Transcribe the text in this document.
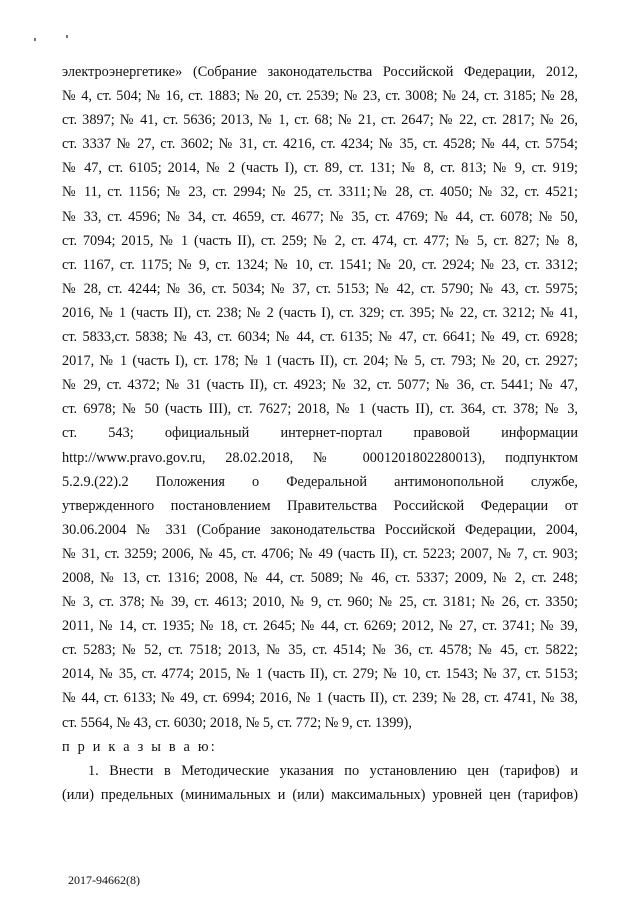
электроэнергетике» (Собрание законодательства Российской Федерации, 2012,
№ 4, ст. 504; № 16, ст. 1883; № 20, ст. 2539; № 23, ст. 3008; № 24, ст. 3185; № 28,
ст. 3897; № 41, ст. 5636; 2013, № 1, ст. 68; № 21, ст. 2647; № 22, ст. 2817; № 26,
ст. 3337 № 27, ст. 3602; № 31, ст. 4216, ст. 4234; № 35, ст. 4528; № 44, ст. 5754;
№ 47, ст. 6105; 2014, № 2 (часть I), ст. 89, ст. 131; № 8, ст. 813; № 9, ст. 919;
№ 11, ст. 1156; № 23, ст. 2994; № 25, ст. 3311;№ 28, ст. 4050; № 32, ст. 4521;
№ 33, ст. 4596; № 34, ст. 4659, ст. 4677; № 35, ст. 4769; № 44, ст. 6078; № 50,
ст. 7094; 2015, № 1 (часть II), ст. 259; № 2, ст. 474, ст. 477; № 5, ст. 827; № 8,
ст. 1167, ст. 1175; № 9, ст. 1324; № 10, ст. 1541; № 20, ст. 2924; № 23, ст. 3312;
№ 28, ст. 4244; № 36, ст. 5034; № 37, ст. 5153; № 42, ст. 5790; № 43, ст. 5975;
2016, № 1 (часть II), ст. 238; № 2 (часть I), ст. 329; ст. 395; № 22, ст. 3212; № 41,
ст. 5833,ст. 5838; № 43, ст. 6034; № 44, ст. 6135; № 47, ст. 6641; № 49, ст. 6928;
2017, № 1 (часть I), ст. 178; № 1 (часть II), ст. 204; № 5, ст. 793; № 20, ст. 2927;
№ 29, ст. 4372; № 31 (часть II), ст. 4923; № 32, ст. 5077; № 36, ст. 5441; № 47,
ст. 6978; № 50 (часть III), ст. 7627; 2018, № 1 (часть II), ст. 364, ст. 378; № 3,
ст. 543; официальный интернет-портал правовой информации
http://www.pravo.gov.ru, 28.02.2018, № 0001201802280013), подпунктом
5.2.9.(22).2 Положения о Федеральной антимонопольной службе,
утвержденного постановлением Правительства Российской Федерации от
30.06.2004 № 331 (Собрание законодательства Российской Федерации, 2004,
№ 31, ст. 3259; 2006, № 45, ст. 4706; № 49 (часть II), ст. 5223; 2007, № 7, ст. 903;
2008, № 13, ст. 1316; 2008, № 44, ст. 5089; № 46, ст. 5337; 2009, № 2, ст. 248;
№ 3, ст. 378; № 39, ст. 4613; 2010, № 9, ст. 960; № 25, ст. 3181; № 26, ст. 3350;
2011, № 14, ст. 1935; № 18, ст. 2645; № 44, ст. 6269; 2012, № 27, ст. 3741; № 39,
ст. 5283; № 52, ст. 7518; 2013, № 35, ст. 4514; № 36, ст. 4578; № 45, ст. 5822;
2014, № 35, ст. 4774; 2015, № 1 (часть II), ст. 279; № 10, ст. 1543; № 37, ст. 5153;
№ 44, ст. 6133; № 49, ст. 6994; 2016, № 1 (часть II), ст. 239; № 28, ст. 4741, № 38,
ст. 5564, № 43, ст. 6030; 2018, № 5, ст. 772; № 9, ст. 1399),
п р и к а з ы в а ю:
1. Внести в Методические указания по установлению цен (тарифов) и
(или) предельных (минимальных и (или) максимальных) уровней цен (тарифов)
2017-94662(8)
